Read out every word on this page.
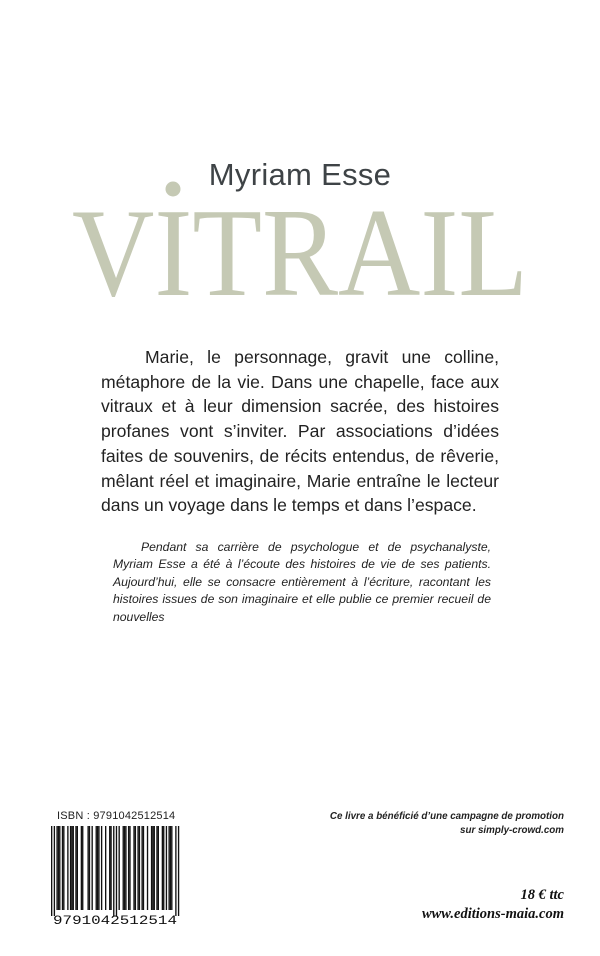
Myriam Esse
VITRAIL

Marie, le personnage, gravit une colline, métaphore de la vie. Dans une chapelle, face aux vitraux et à leur dimension sacrée, des histoires profanes vont s’inviter. Par associations d’idées faites de souvenirs, de récits entendus, de rêverie, mêlant réel et imaginaire, Marie entraîne le lecteur dans un voyage dans le temps et dans l’espace.

Pendant sa carrière de psychologue et de psychanalyste, Myriam Esse a été à l’écoute des histoires de vie de ses patients. Aujourd’hui, elle se consacre entièrement à l’écriture, racontant les histoires issues de son imaginaire et elle publie ce premier recueil de nouvelles

ISBN : 9791042512514
9791042512514
Ce livre a bénéficié d’une campagne de promotion
sur simply-crowd.com
18 € ttc
www.editions-maia.com
